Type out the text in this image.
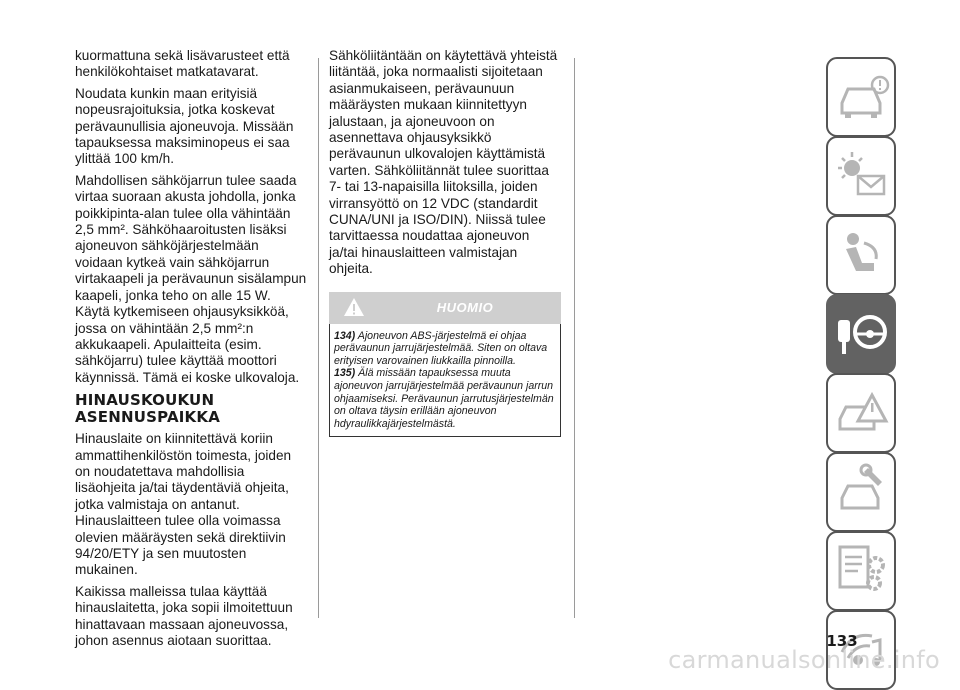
kuormattuna sekä lisävarusteet että henkilökohtaiset matkatavarat.

Noudata kunkin maan erityisiä nopeusrajoituksia, jotka koskevat perävaunullisia ajoneuvoja. Missään tapauksessa maksiminopeus ei saa ylittää 100 km/h.

Mahdollisen sähköjarrun tulee saada virtaa suoraan akusta johdolla, jonka poikkipinta-alan tulee olla vähintään 2,5 mm². Sähköhaaroitusten lisäksi ajoneuvon sähköjärjestelmään voidaan kytkeä vain sähköjarrun virtakaapeli ja perävaunun sisälampun kaapeli, jonka teho on alle 15 W. Käytä kytkemiseen ohjausyksikköä, jossa on vähintään 2,5 mm²:n akkukaapeli. Apulaitteita (esim. sähköjarru) tulee käyttää moottori käynnissä. Tämä ei koske ulkovaloja.

HINAUSKOUKUN
ASENNUSPAIKKA

Hinauslaite on kiinnitettävä koriin ammattihenkilöstön toimesta, joiden on noudatettava mahdollisia lisäohjeita ja/tai täydentäviä ohjeita, jotka valmistaja on antanut. Hinauslaitteen tulee olla voimassa olevien määräysten sekä direktiivin 94/20/ETY ja sen muutosten mukainen.

Kaikissa malleissa tulaa käyttää hinauslaitetta, joka sopii ilmoitettuun hinattavaan massaan ajoneuvossa, johon asennus aiotaan suorittaa.

Sähköliitäntään on käytettävä yhteistä liitäntää, joka normaalisti sijoitetaan asianmukaiseen, perävaunuun määräysten mukaan kiinnitettyyn jalustaan, ja ajoneuvoon on asennettava ohjausyksikkö perävaunun ulkovalojen käyttämistä varten. Sähköliitännät tulee suorittaa 7- tai 13-napaisilla liitoksilla, joiden virransyöttö on 12 VDC (standardit CUNA/UNI ja ISO/DIN). Niissä tulee tarvittaessa noudattaa ajoneuvon ja/tai hinauslaitteen valmistajan ohjeita.

HUOMIO
134) Ajoneuvon ABS-järjestelmä ei ohjaa perävaunun jarrujärjestelmää. Siten on oltava erityisen varovainen liukkailla pinnoilla.
135) Älä missään tapauksessa muuta ajoneuvon jarrujärjestelmää perävaunun jarrun ohjaamiseksi. Perävaunun jarrutusjärjestelmän on oltava täysin erillään ajoneuvon hdyraulikkajärjestelmästä.
133
carmanualsonline.info
